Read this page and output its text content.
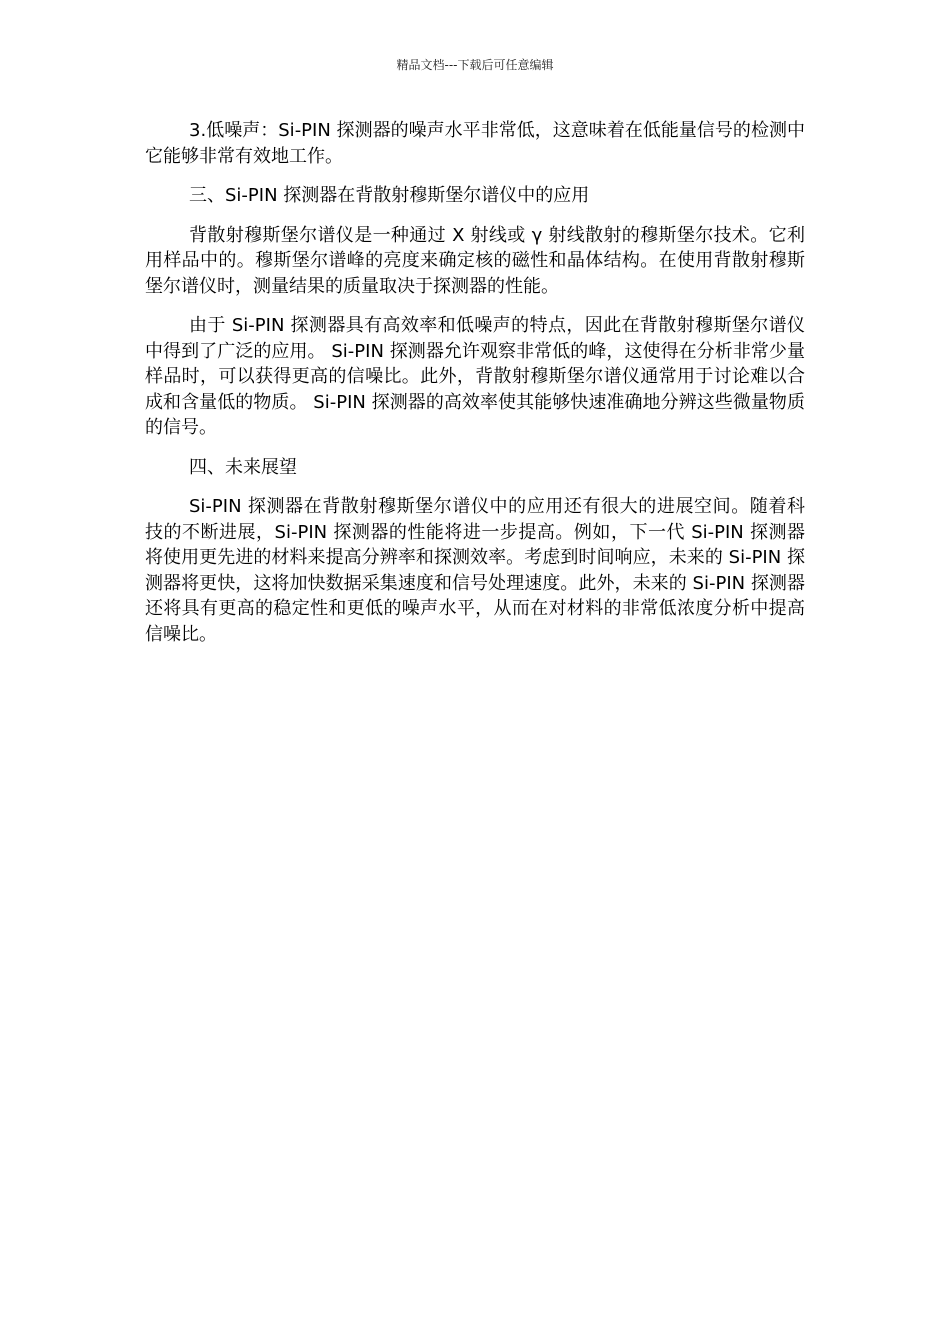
精品文档---下载后可任意编辑

3.低噪声：Si-PIN 探测器的噪声水平非常低，这意味着在低能量信号的检测中它能够非常有效地工作。

三、Si-PIN 探测器在背散射穆斯堡尔谱仪中的应用

背散射穆斯堡尔谱仪是一种通过 X 射线或 γ 射线散射的穆斯堡尔技术。它利用样品中的。穆斯堡尔谱峰的亮度来确定核的磁性和晶体结构。在使用背散射穆斯堡尔谱仪时，测量结果的质量取决于探测器的性能。

由于 Si-PIN 探测器具有高效率和低噪声的特点，因此在背散射穆斯堡尔谱仪中得到了广泛的应用。 Si-PIN 探测器允许观察非常低的峰，这使得在分析非常少量样品时，可以获得更高的信噪比。此外，背散射穆斯堡尔谱仪通常用于讨论难以合成和含量低的物质。 Si-PIN 探测器的高效率使其能够快速准确地分辨这些微量物质的信号。

四、未来展望

Si-PIN 探测器在背散射穆斯堡尔谱仪中的应用还有很大的进展空间。随着科技的不断进展，Si-PIN 探测器的性能将进一步提高。例如，下一代 Si-PIN 探测器将使用更先进的材料来提高分辨率和探测效率。考虑到时间响应，未来的 Si-PIN 探测器将更快，这将加快数据采集速度和信号处理速度。此外，未来的 Si-PIN 探测器还将具有更高的稳定性和更低的噪声水平，从而在对材料的非常低浓度分析中提高信噪比。
